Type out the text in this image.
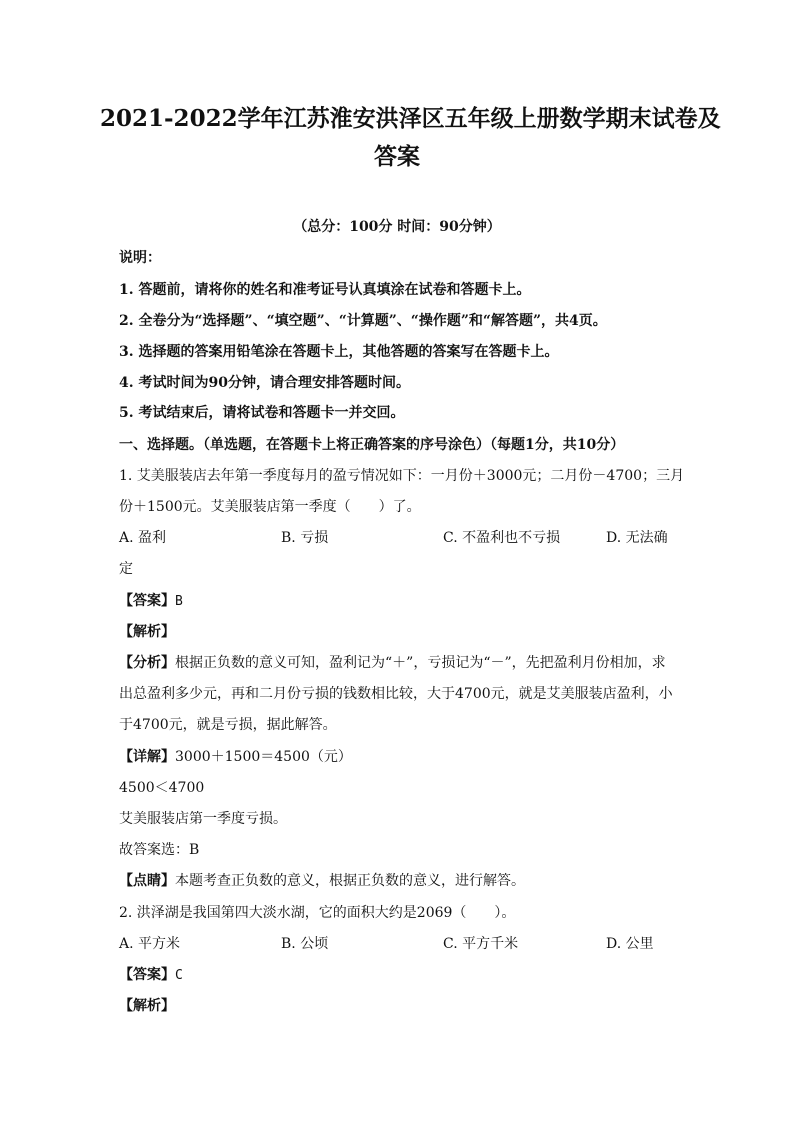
2021-2022学年江苏淮安洪泽区五年级上册数学期末试卷及
答案
（总分：100分 时间：90分钟）
说明：
1. 答题前，请将你的姓名和准考证号认真填涂在试卷和答题卡上。
2. 全卷分为“选择题”、“填空题”、“计算题”、“操作题”和“解答题”，共4页。
3. 选择题的答案用铅笔涂在答题卡上，其他答题的答案写在答题卡上。
4. 考试时间为90分钟，请合理安排答题时间。
5. 考试结束后，请将试卷和答题卡一并交回。
一、选择题。（单选题，在答题卡上将正确答案的序号涂色）（每题1分，共10分）
1. 艾美服装店去年第一季度每月的盈亏情况如下：一月份＋3000元；二月份－4700；三月
份＋1500元。艾美服装店第一季度（　　）了。
A. 盈利	B. 亏损	C. 不盈利也不亏损	D. 无法确
定
【答案】B
【解析】
【分析】根据正负数的意义可知，盈利记为“＋”，亏损记为“－”，先把盈利月份相加，求
出总盈利多少元，再和二月份亏损的钱数相比较，大于4700元，就是艾美服装店盈利，小
于4700元，就是亏损，据此解答。
【详解】3000＋1500＝4500（元）
4500＜4700
艾美服装店第一季度亏损。
故答案选：B
【点睛】本题考查正负数的意义，根据正负数的意义，进行解答。
2. 洪泽湖是我国第四大淡水湖，它的面积大约是2069（　　）。
A. 平方米	B. 公顷	C. 平方千米	D. 公里
【答案】C
【解析】
